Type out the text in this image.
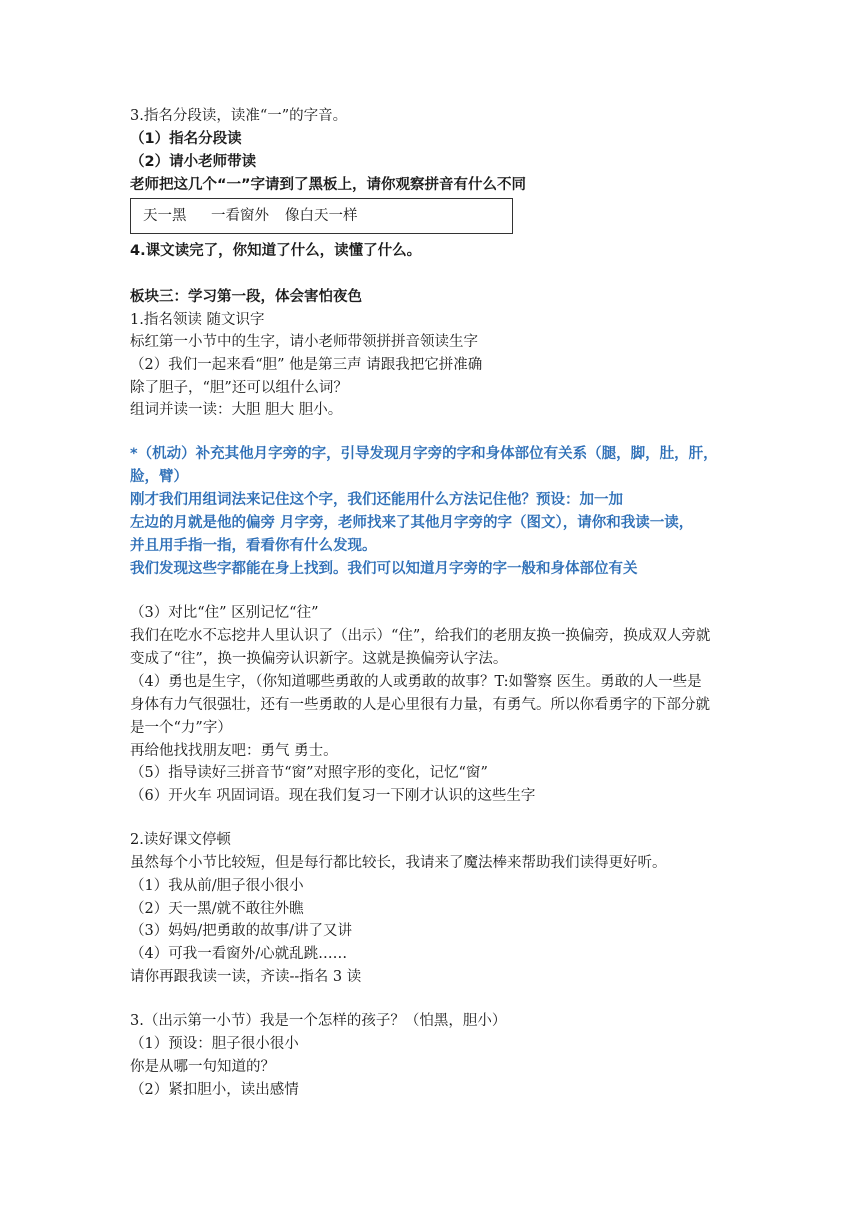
3.指名分段读，读准“一”的字音。
（1）指名分段读
（2）请小老师带读
老师把这几个“一”字请到了黑板上，请你观察拼音有什么不同
天一黑 一看窗外 像白天一样
4.课文读完了，你知道了什么，读懂了什么。
板块三：学习第一段，体会害怕夜色
1.指名领读 随文识字
标红第一小节中的生字，请小老师带领拼拼音领读生字
（2）我们一起来看“胆” 他是第三声 请跟我把它拼准确
除了胆子，“胆”还可以组什么词？
组词并读一读：大胆 胆大 胆小。
*（机动）补充其他月字旁的字，引导发现月字旁的字和身体部位有关系（腿，脚，肚，肝，
脸，臂）
刚才我们用组词法来记住这个字，我们还能用什么方法记住他？预设：加一加
左边的月就是他的偏旁 月字旁，老师找来了其他月字旁的字（图文），请你和我读一读，
并且用手指一指，看看你有什么发现。
我们发现这些字都能在身上找到。我们可以知道月字旁的字一般和身体部位有关
（3）对比“住” 区别记忆“往”
我们在吃水不忘挖井人里认识了（出示）“住”，给我们的老朋友换一换偏旁，换成双人旁就
变成了“往”，换一换偏旁认识新字。这就是换偏旁认字法。
（4）勇也是生字，（你知道哪些勇敢的人或勇敢的故事？T:如警察 医生。勇敢的人一些是
身体有力气很强壮，还有一些勇敢的人是心里很有力量，有勇气。所以你看勇字的下部分就
是一个“力”字）
再给他找找朋友吧：勇气 勇士。
（5）指导读好三拼音节“窗”对照字形的变化，记忆“窗”
（6）开火车 巩固词语。现在我们复习一下刚才认识的这些生字
2.读好课文停顿
虽然每个小节比较短，但是每行都比较长，我请来了魔法棒来帮助我们读得更好听。
（1）我从前/胆子很小很小
（2）天一黑/就不敢往外瞧
（3）妈妈/把勇敢的故事/讲了又讲
（4）可我一看窗外/心就乱跳……
请你再跟我读一读，齐读--指名 3 读
3.（出示第一小节）我是一个怎样的孩子？（怕黑，胆小）
（1）预设：胆子很小很小
你是从哪一句知道的？
（2）紧扣胆小，读出感情
